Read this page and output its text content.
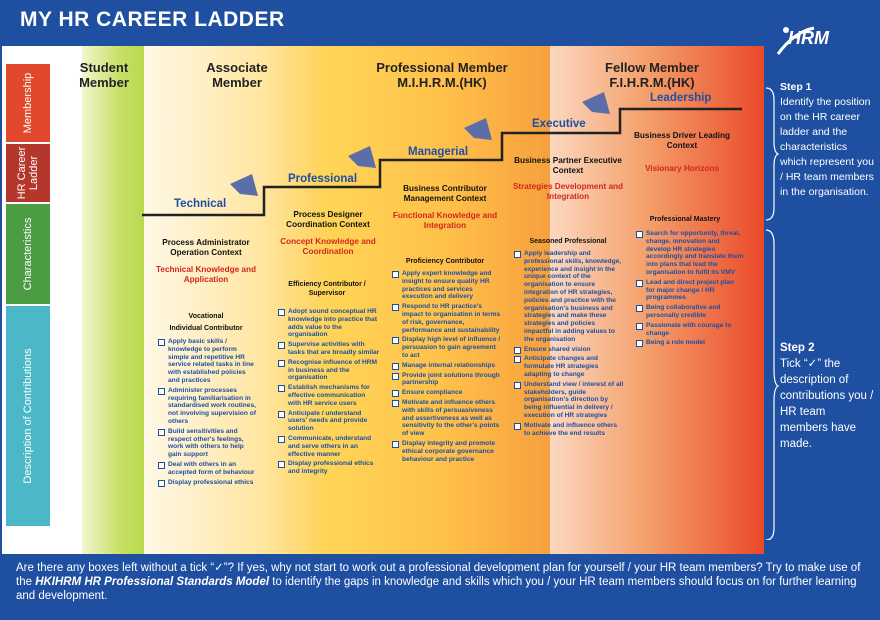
MY HR CAREER LADDER
HRM
Membership
HR Career Ladder
Characteristics
Description of Contributions
Student Member
Associate Member
Professional Member
M.I.H.R.M.(HK)
Fellow Member
F.I.H.R.M.(HK)
Technical
Professional
Managerial
Executive
Leadership
Process Administrator Operation Context
Technical Knowledge and Application
Vocational
Individual Contributor
Apply basic skills / knowledge to perform simple and repetitive HR service related tasks in line with established policies and practices
Administer processes requiring familiarisation in standardised work routines, not involving supervision of others
Build sensitivities and respect other's feelings, work with others to help gain support
Deal with others in an accepted form of behaviour
Display professional ethics
Process Designer Coordination Context
Concept Knowledge and Coordination
Efficiency Contributor / Supervisor
Adopt sound conceptual HR knowledge into practice that adds value to the organisation
Supervise activities with tasks that are broadly similar
Recognise influence of HRM in business and the organisation
Establish mechanisms for effective communication with HR service users
Anticipate / understand users' needs and provide solution
Communicate, understand and serve others in an effective manner
Display professional ethics and integrity
Business Contributor Management Context
Functional Knowledge and Integration
Proficiency Contributor
Apply expert knowledge and insight to ensure quality HR practices and services execution and delivery
Respond to HR practice's impact to organisation in terms of risk, governance, performance and sustainability
Display high level of influence / persuasion to gain agreement to act
Manage internal relationships
Provide joint solutions through partnership
Ensure compliance
Motivate and influence others with skills of persuasiveness and assertiveness as well as sensitivity to the other's points of view
Display integrity and promote ethical corporate governance behaviour and practice
Business Partner Executive Context
Strategies Development and Integration
Seasoned Professional
Apply leadership and professional skills, knowledge, experience and insight in the unique context of the organisation to ensure integration of HR strategies, policies and practice with the organisation's business and strategies and make these strategies and policies impactful in adding values to the organisation
Ensure shared vision
Anticipate changes and formulate HR strategies adapting to change
Understand view / interest of all stakeholders, guide organisation's direction by being influential in delivery / execution of HR strategies
Motivate and influence others to achieve the end results
Business Driver Leading Context
Visionary Horizons
Professional Mastery
Search for opportunity, threat, change, innovation and develop HR strategies accordingly and translate them into plans that lead the organisation to fulfil its VMV
Lead and direct project plan for major change / HR programmes
Being collaborative and personally credible
Passionate with courage to change
Being a role model
Step 1
Identify the position on the HR career ladder and the characteristics which represent you / HR team members in the organisation.
Step 2
Tick “✓” the description of contributions you / HR team members have made.
Are there any boxes left without a tick “✓”? If yes, why not start to work out a professional development plan for yourself / your HR team members? Try to make use of the HKIHRM HR Professional Standards Model to identify the gaps in knowledge and skills which you / your HR team members should focus on for further learning and development.
